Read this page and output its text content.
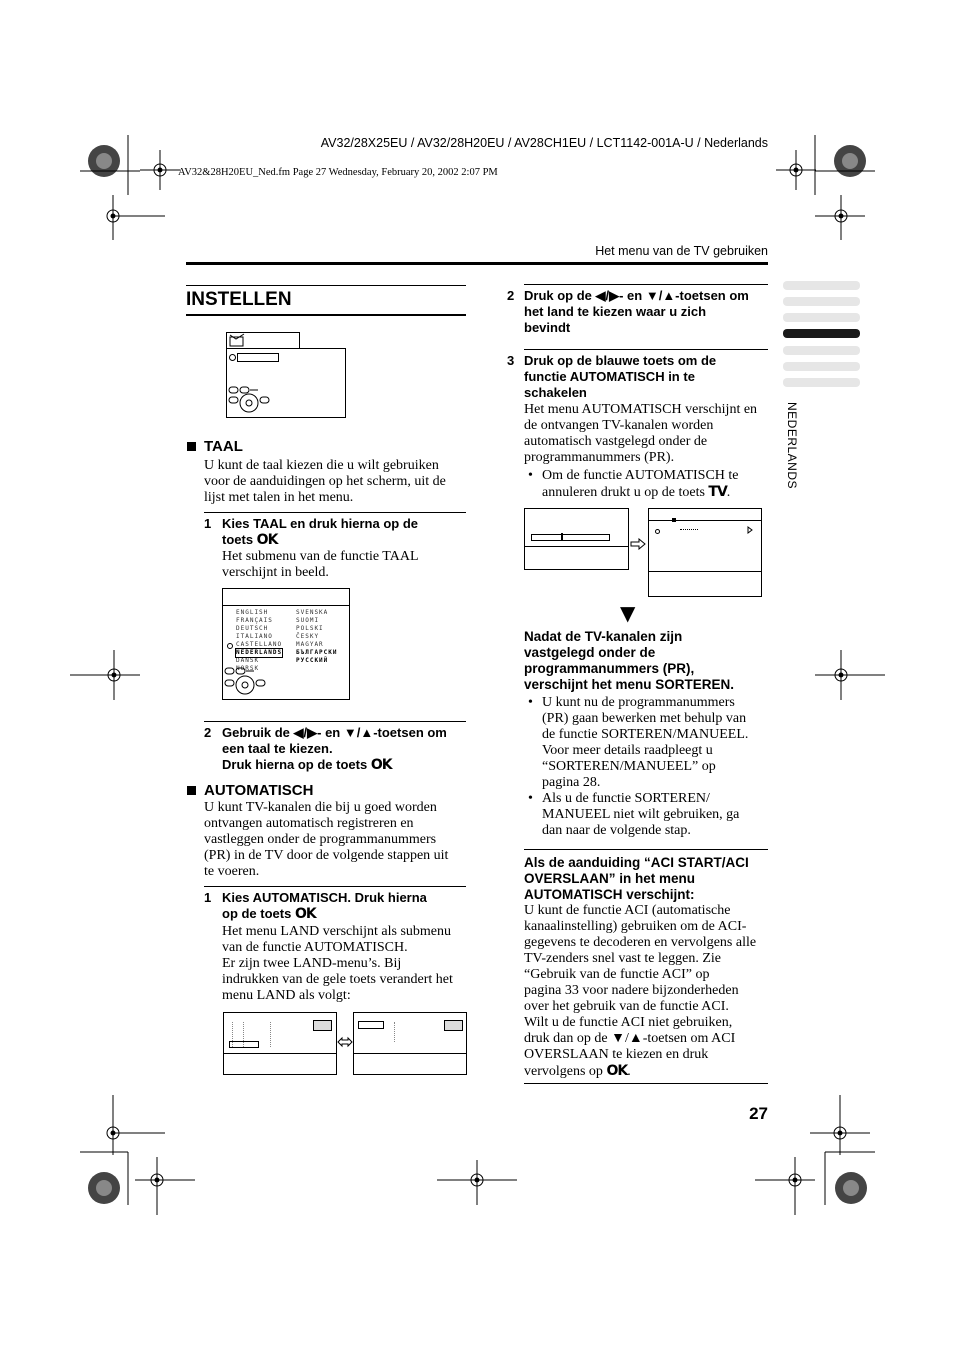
AV32/28X25EU / AV32/28H20EU / AV28CH1EU / LCT1142-001A-U / Nederlands
AV32&28H20EU_Ned.fm Page 27 Wednesday, February 20, 2002 2:07 PM
Het menu van de TV gebruiken
NEDERLANDS
INSTELLEN
TAAL
U kunt de taal kiezen die u wilt gebruiken
voor de aanduidingen op het scherm, uit de
lijst met talen in het menu.
1 Kies TAAL en druk hierna op de
toets OK
Het submenu van de functie TAAL
verschijnt in beeld.
ENGLISH
FRANÇAIS
DEUTSCH
ITALIANO
CASTELLANO
NEDERLANDS
DANSK
NORSK
SVENSKA
SUOMI
POLSKI
ČESKY
MAGYAR
БЪЛГАРСКИ
РУССКИЙ
2 Gebruik de ◀/▶- en ▼/▲-toetsen om
een taal te kiezen.
Druk hierna op de toets OK
AUTOMATISCH
U kunt TV-kanalen die bij u goed worden
ontvangen automatisch registreren en
vastleggen onder de programmanummers
(PR) in de TV door de volgende stappen uit
te voeren.
1 Kies AUTOMATISCH. Druk hierna
op de toets OK
Het menu LAND verschijnt als submenu
van de functie AUTOMATISCH.
Er zijn twee LAND-menu’s. Bij
indrukken van de gele toets verandert het
menu LAND als volgt:
2 Druk op de ◀/▶- en ▼/▲-toetsen om
het land te kiezen waar u zich
bevindt
3 Druk op de blauwe toets om de
functie AUTOMATISCH in te
schakelen
Het menu AUTOMATISCH verschijnt en
de ontvangen TV-kanalen worden
automatisch vastgelegd onder de
programmanummers (PR).
• Om de functie AUTOMATISCH te
annuleren drukt u op de toets TV.
▼
Nadat de TV-kanalen zijn
vastgelegd onder de
programmanummers (PR),
verschijnt het menu SORTEREN.
• U kunt nu de programmanummers
(PR) gaan bewerken met behulp van
de functie SORTEREN/MANUEEL.
Voor meer details raadpleegt u
“SORTEREN/MANUEEL” op
pagina 28.
• Als u de functie SORTEREN/
MANUEEL niet wilt gebruiken, ga
dan naar de volgende stap.
Als de aanduiding “ACI START/ACI
OVERSLAAN” in het menu
AUTOMATISCH verschijnt:
U kunt de functie ACI (automatische
kanaalinstelling) gebruiken om de ACI-
gegevens te decoderen en vervolgens alle
TV-zenders snel vast te leggen. Zie
“Gebruik van de functie ACI” op
pagina 33 voor nadere bijzonderheden
over het gebruik van de functie ACI.
Wilt u de functie ACI niet gebruiken,
druk dan op de ▼/▲-toetsen om ACI
OVERSLAAN te kiezen en druk
vervolgens op OK.
27
